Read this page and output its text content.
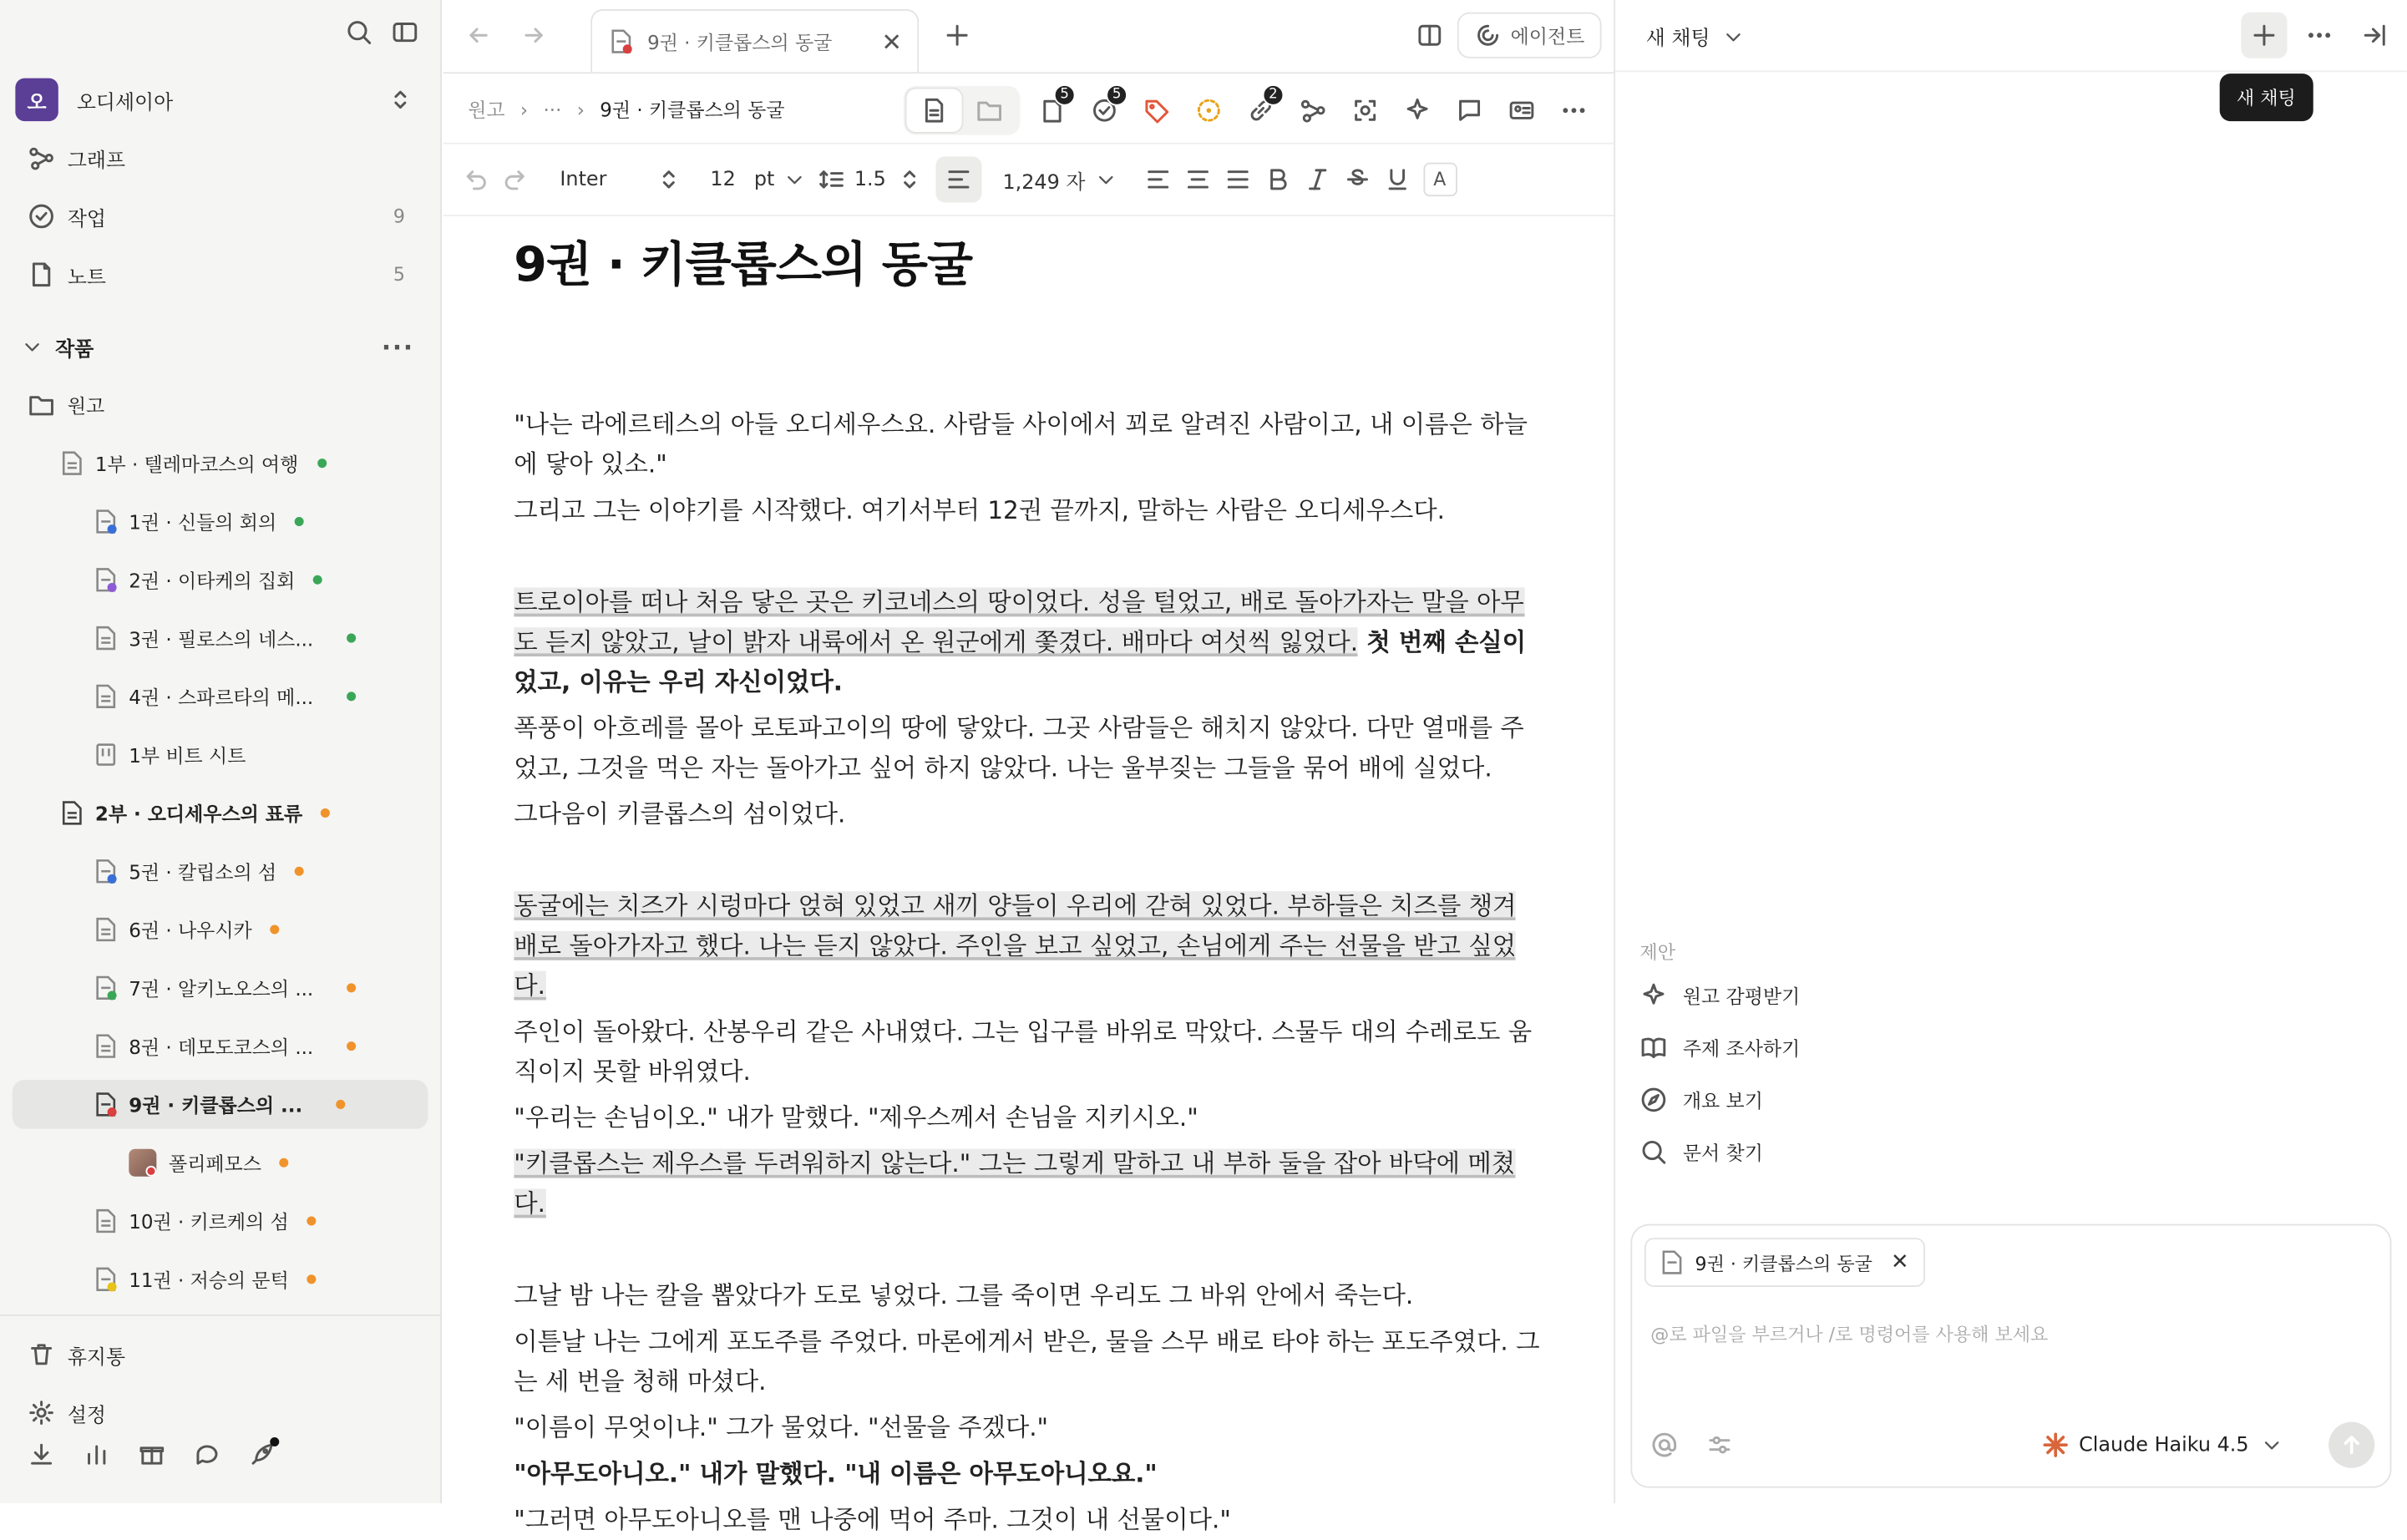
오	오디세이아
그래프
작업	9
노트	5
작품	···
원고
1부 · 텔레마코스의 여행
1권 · 신들의 회의
2권 · 이타케의 집회
3권 · 필로스의 네스...
4권 · 스파르타의 메...
1부 비트 시트
2부 · 오디세우스의 표류
5권 · 칼립소의 섬
6권 · 나우시카
7권 · 알키노오스의 ...
8권 · 데모도코스의 ...
9권 · 키클롭스의 ...
폴리페모스
10권 · 키르케의 섬
11권 · 저승의 문턱
휴지통
설정
9권 · 키클롭스의 동굴	✕	에이전트
원고 › ··· › 9권 · 키클롭스의 동굴
5	5	2
Inter	12 pt	1.5	1,249 자	A
9권 · 키클롭스의 동굴

"나는 라에르테스의 아들 오디세우스요. 사람들 사이에서 꾀로 알려진 사람이고, 내 이름은 하늘에 닿아 있소."

그리고 그는 이야기를 시작했다. 여기서부터 12권 끝까지, 말하는 사람은 오디세우스다.

트로이아를 떠나 처음 닿은 곳은 키코네스의 땅이었다. 성을 털었고, 배로 돌아가자는 말을 아무도 듣지 않았고, 날이 밝자 내륙에서 온 원군에게 쫓겼다. 배마다 여섯씩 잃었다. 첫 번째 손실이었고, 이유는 우리 자신이었다.

폭풍이 아흐레를 몰아 로토파고이의 땅에 닿았다. 그곳 사람들은 해치지 않았다. 다만 열매를 주었고, 그것을 먹은 자는 돌아가고 싶어 하지 않았다. 나는 울부짖는 그들을 묶어 배에 실었다.

그다음이 키클롭스의 섬이었다.

동굴에는 치즈가 시렁마다 얹혀 있었고 새끼 양들이 우리에 갇혀 있었다. 부하들은 치즈를 챙겨 배로 돌아가자고 했다. 나는 듣지 않았다. 주인을 보고 싶었고, 손님에게 주는 선물을 받고 싶었다.

주인이 돌아왔다. 산봉우리 같은 사내였다. 그는 입구를 바위로 막았다. 스물두 대의 수레로도 움직이지 못할 바위였다.

"우리는 손님이오." 내가 말했다. "제우스께서 손님을 지키시오."

"키클롭스는 제우스를 두려워하지 않는다." 그는 그렇게 말하고 내 부하 둘을 잡아 바닥에 메쳤다.

그날 밤 나는 칼을 뽑았다가 도로 넣었다. 그를 죽이면 우리도 그 바위 안에서 죽는다.

이튿날 나는 그에게 포도주를 주었다. 마론에게서 받은, 물을 스무 배로 타야 하는 포도주였다. 그는 세 번을 청해 마셨다.

"이름이 무엇이냐." 그가 물었다. "선물을 주겠다."

"아무도아니오." 내가 말했다. "내 이름은 아무도아니오요."

"그러면 아무도아니오를 맨 나중에 먹어 주마. 그것이 내 선물이다."

새 채팅
새 채팅
제안
원고 감평받기
주제 조사하기
개요 보기
문서 찾기
9권 · 키클롭스의 동굴 ✕
@로 파일을 부르거나 /로 명령어를 사용해 보세요
Claude Haiku 4.5
